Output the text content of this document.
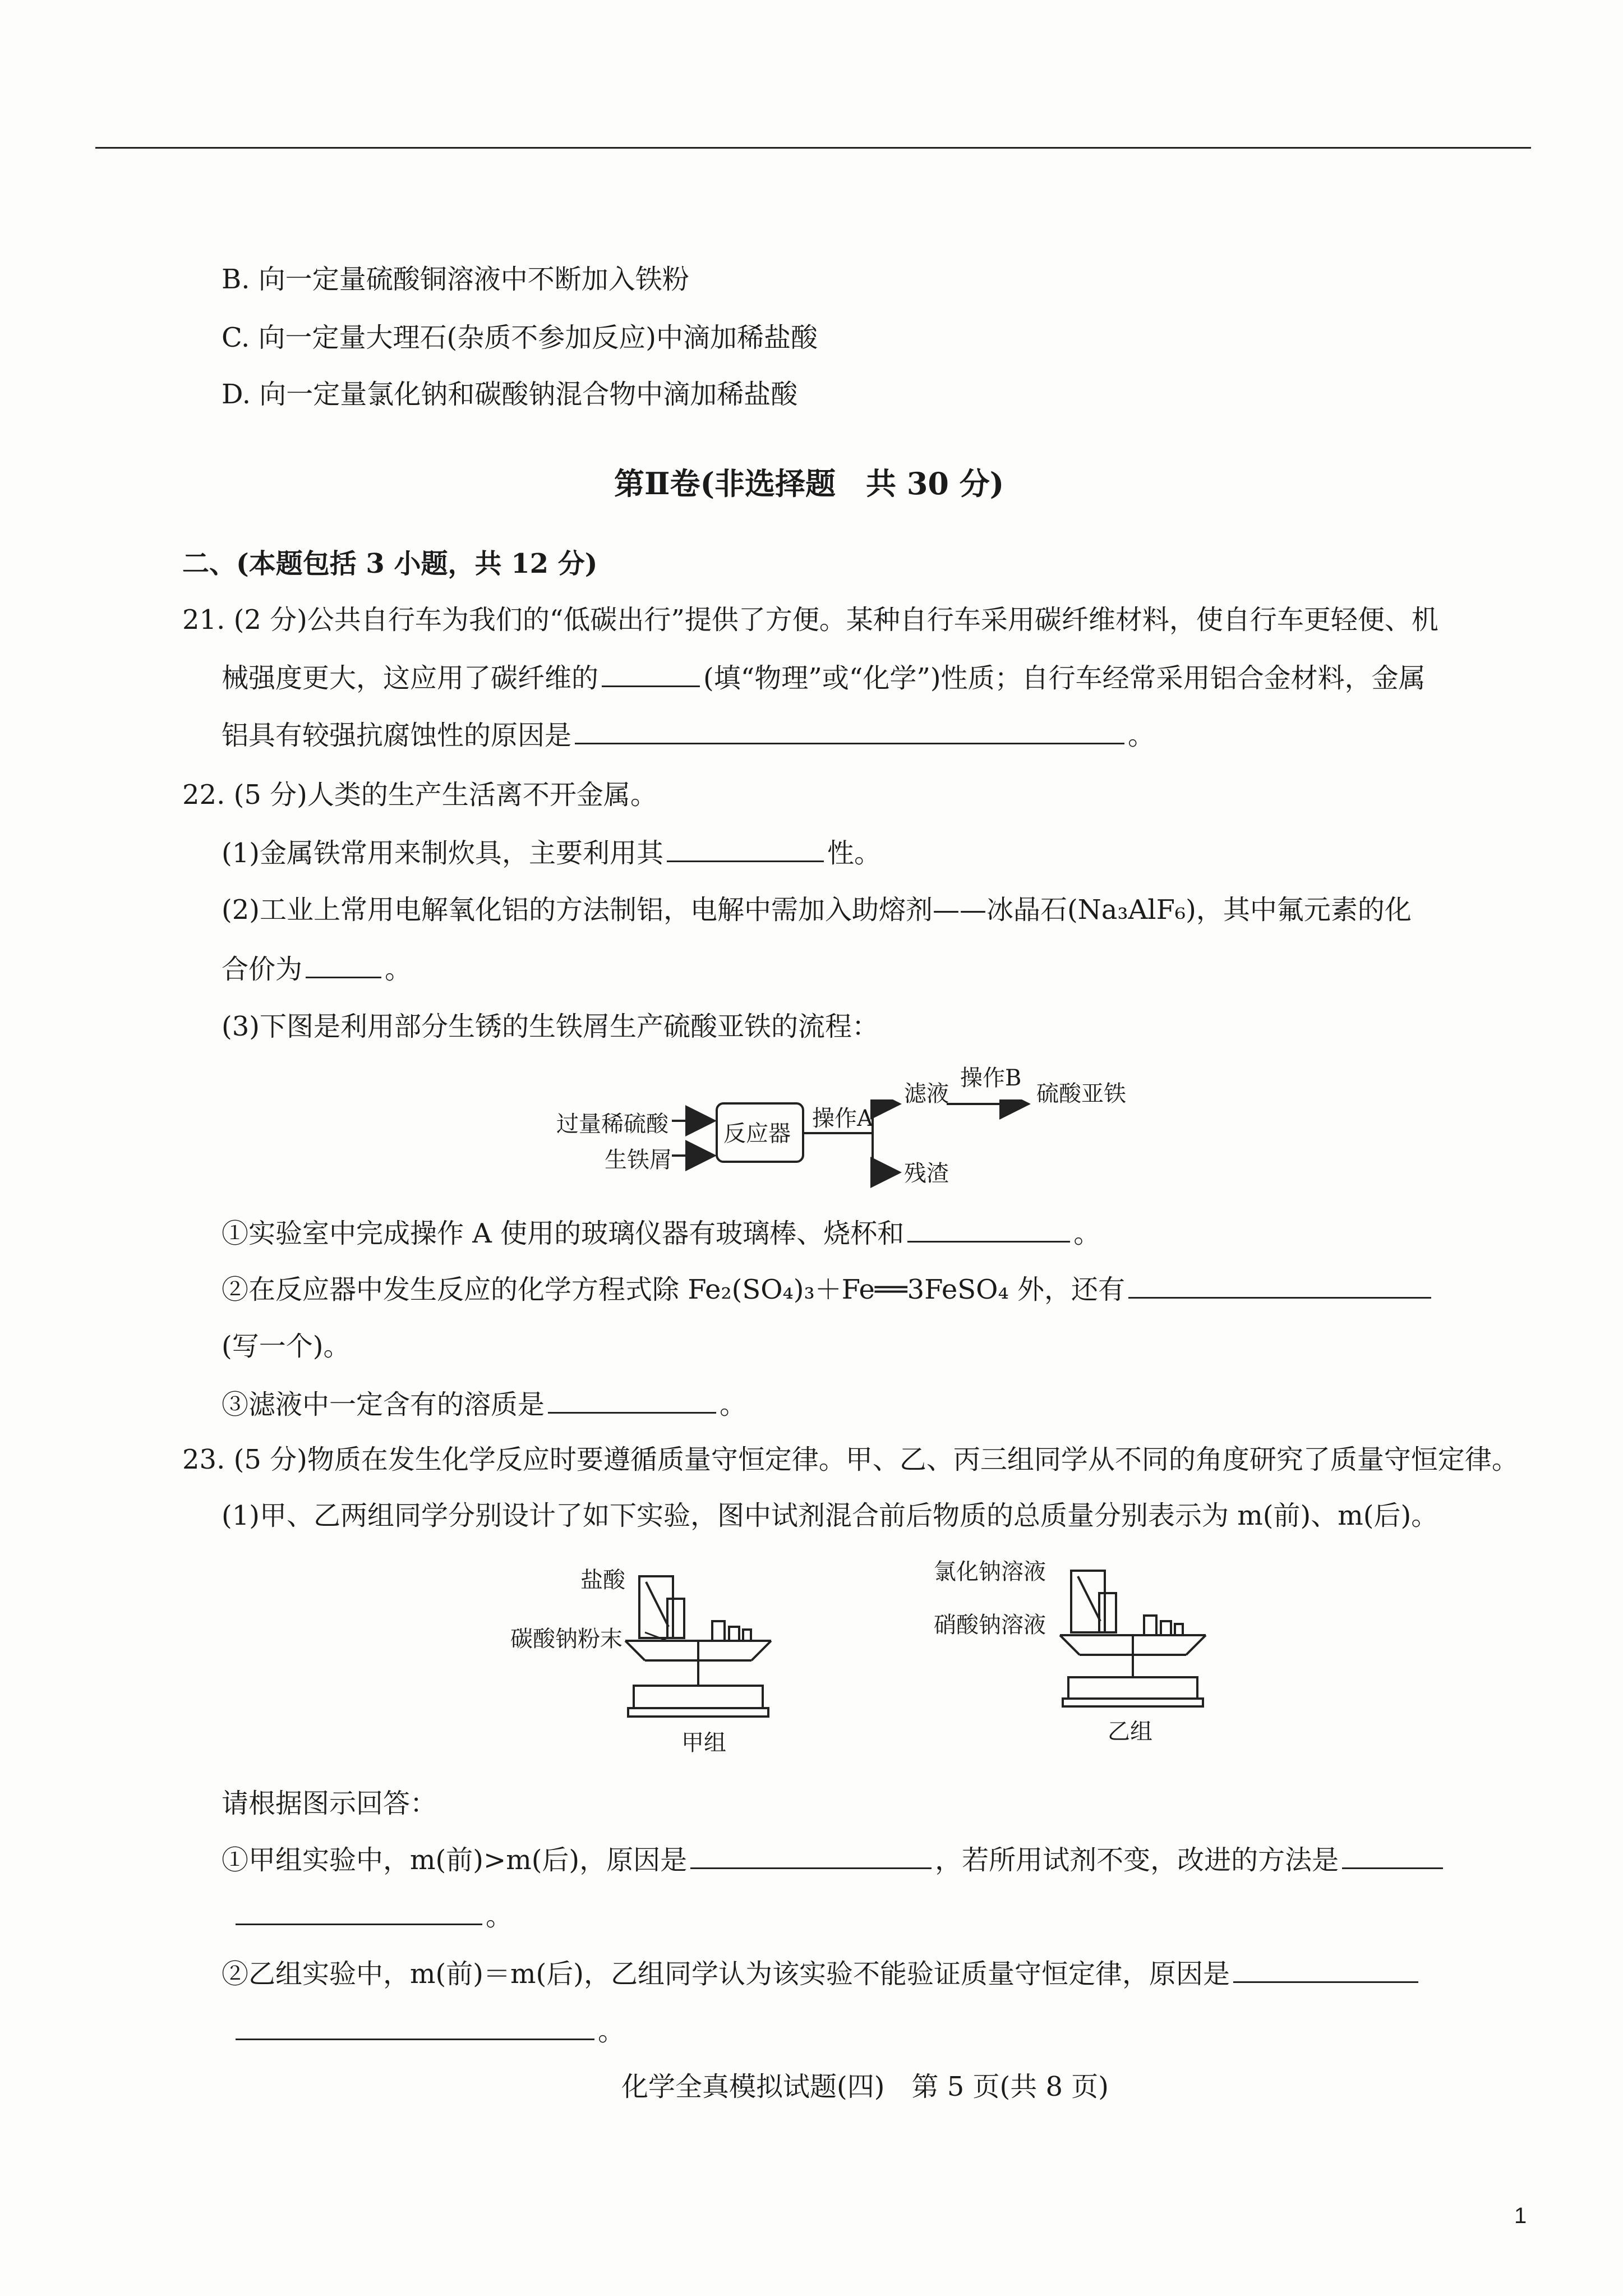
B. 向一定量硫酸铜溶液中不断加入铁粉
C. 向一定量大理石(杂质不参加反应)中滴加稀盐酸
D. 向一定量氯化钠和碳酸钠混合物中滴加稀盐酸
第Ⅱ卷(非选择题　共 30 分)
二、(本题包括 3 小题，共 12 分)
21. (2 分)公共自行车为我们的“低碳出行”提供了方便。某种自行车采用碳纤维材料，使自行车更轻便、机
械强度更大，这应用了碳纤维的	(填“物理”或“化学”)性质；自行车经常采用铝合金材料，金属
铝具有较强抗腐蚀性的原因是	。
22. (5 分)人类的生产生活离不开金属。
(1)金属铁常用来制炊具，主要利用其	性。
(2)工业上常用电解氧化铝的方法制铝，电解中需加入助熔剂——冰晶石(Na₃AlF₆)，其中氟元素的化
合价为	。
(3)下图是利用部分生锈的生铁屑生产硫酸亚铁的流程：
过量稀硫酸
生铁屑
反应器
操作A
滤液
操作B
硫酸亚铁
残渣
①实验室中完成操作 A 使用的玻璃仪器有玻璃棒、烧杯和	。
②在反应器中发生反应的化学方程式除 Fe₂(SO₄)₃＋Fe══3FeSO₄ 外，还有
(写一个)。
③滤液中一定含有的溶质是	。
23. (5 分)物质在发生化学反应时要遵循质量守恒定律。甲、乙、丙三组同学从不同的角度研究了质量守恒定律。
(1)甲、乙两组同学分别设计了如下实验，图中试剂混合前后物质的总质量分别表示为 m(前)、m(后)。
盐酸
碳酸钠粉末
甲组
氯化钠溶液
硝酸钠溶液
乙组
请根据图示回答：
①甲组实验中，m(前)>m(后)，原因是	，若所用试剂不变，改进的方法是
。
②乙组实验中，m(前)＝m(后)，乙组同学认为该实验不能验证质量守恒定律，原因是
。
化学全真模拟试题(四)　第 5 页(共 8 页)
1
